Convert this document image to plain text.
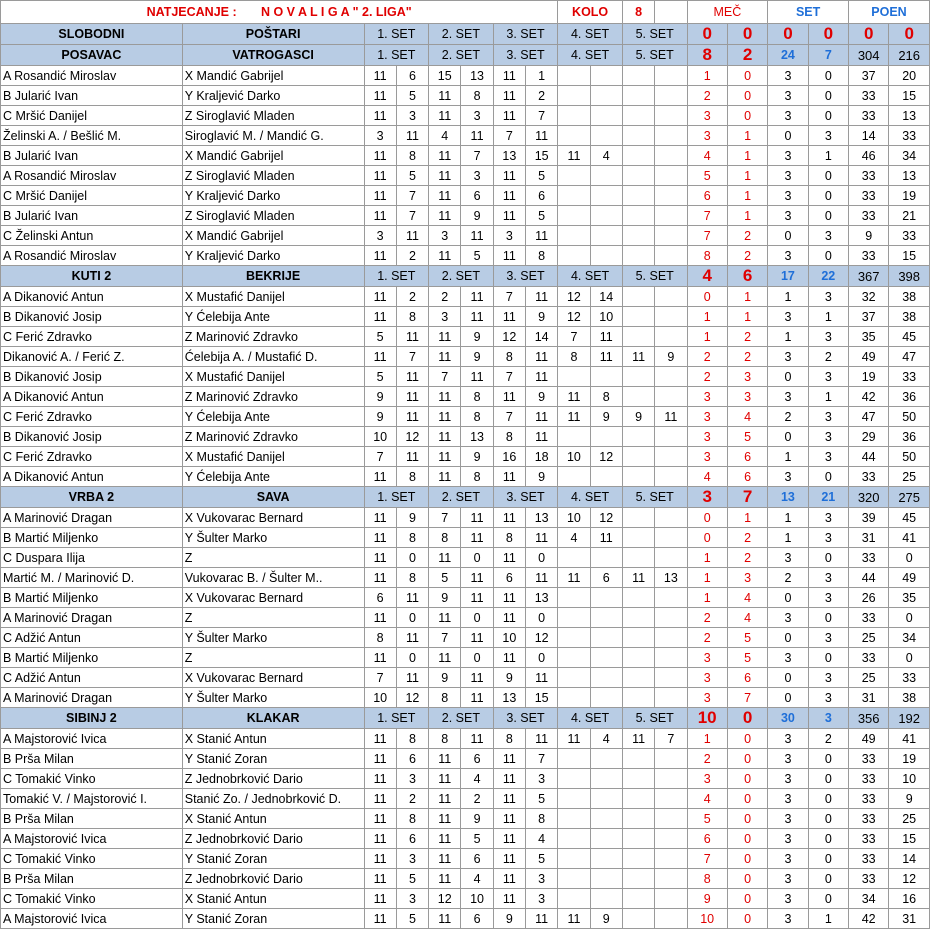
NATJECANJE : N O V A L I G A " 2. LIGA"								KOLO		8		MEČ		SET		POEN	
SLOBODNI	POŠTARI	1. SET		2. SET		3. SET		4. SET		5. SET		0	0	0	0	0	0
POSAVAC	VATROGASCI	1. SET		2. SET		3. SET		4. SET		5. SET		8	2	24	7	304	216
A Rosandić Miroslav	X Mandić Gabrijel	11	6	15	13	11	1					1	0	3	0	37	20
B Jularić Ivan	Y Kraljević Darko	11	5	11	8	11	2					2	0	3	0	33	15
C Mršić Danijel	Z Siroglavić Mladen	11	3	11	3	11	7					3	0	3	0	33	13
Želinski A. / Bešlić M.	Siroglavić M. / Mandić G.	3	11	4	11	7	11					3	1	0	3	14	33
B Jularić Ivan	X Mandić Gabrijel	11	8	11	7	13	15	11	4			4	1	3	1	46	34
A Rosandić Miroslav	Z Siroglavić Mladen	11	5	11	3	11	5					5	1	3	0	33	13
C Mršić Danijel	Y Kraljević Darko	11	7	11	6	11	6					6	1	3	0	33	19
B Jularić Ivan	Z Siroglavić Mladen	11	7	11	9	11	5					7	1	3	0	33	21
C Želinski Antun	X Mandić Gabrijel	3	11	3	11	3	11					7	2	0	3	9	33
A Rosandić Miroslav	Y Kraljević Darko	11	2	11	5	11	8					8	2	3	0	33	15
KUTI 2	BEKRIJE	1. SET		2. SET		3. SET		4. SET		5. SET		4	6	17	22	367	398
A Dikanović Antun	X Mustafić Danijel	11	2	2	11	7	11	12	14			0	1	1	3	32	38
B Dikanović Josip	Y Ćelebija Ante	11	8	3	11	11	9	12	10			1	1	3	1	37	38
C Ferić Zdravko	Z Marinović Zdravko	5	11	11	9	12	14	7	11			1	2	1	3	35	45
Dikanović A. / Ferić Z.	Ćelebija A. / Mustafić D.	11	7	11	9	8	11	8	11	11	9	2	2	3	2	49	47
B Dikanović Josip	X Mustafić Danijel	5	11	7	11	7	11					2	3	0	3	19	33
A Dikanović Antun	Z Marinović Zdravko	9	11	11	8	11	9	11	8			3	3	3	1	42	36
C Ferić Zdravko	Y Ćelebija Ante	9	11	11	8	7	11	11	9	9	11	3	4	2	3	47	50
B Dikanović Josip	Z Marinović Zdravko	10	12	11	13	8	11					3	5	0	3	29	36
C Ferić Zdravko	X Mustafić Danijel	7	11	11	9	16	18	10	12			3	6	1	3	44	50
A Dikanović Antun	Y Ćelebija Ante	11	8	11	8	11	9					4	6	3	0	33	25
VRBA 2	SAVA	1. SET		2. SET		3. SET		4. SET		5. SET		3	7	13	21	320	275
A Marinović Dragan	X Vukovarac Bernard	11	9	7	11	11	13	10	12			0	1	1	3	39	45
B Martić Miljenko	Y Šulter Marko	11	8	8	11	8	11	4	11			0	2	1	3	31	41
C Duspara Ilija	Z	11	0	11	0	11	0					1	2	3	0	33	0
Martić M. / Marinović D.	Vukovarac B. / Šulter M..	11	8	5	11	6	11	11	6	11	13	1	3	2	3	44	49
B Martić Miljenko	X Vukovarac Bernard	6	11	9	11	11	13					1	4	0	3	26	35
A Marinović Dragan	Z	11	0	11	0	11	0					2	4	3	0	33	0
C Adžić Antun	Y Šulter Marko	8	11	7	11	10	12					2	5	0	3	25	34
B Martić Miljenko	Z	11	0	11	0	11	0					3	5	3	0	33	0
C Adžić Antun	X Vukovarac Bernard	7	11	9	11	9	11					3	6	0	3	25	33
A Marinović Dragan	Y Šulter Marko	10	12	8	11	13	15					3	7	0	3	31	38
SIBINJ 2	KLAKAR	1. SET		2. SET		3. SET		4. SET		5. SET		10	0	30	3	356	192
A Majstorović Ivica	X Stanić Antun	11	8	8	11	8	11	11	4	11	7	1	0	3	2	49	41
B Prša Milan	Y Stanić Zoran	11	6	11	6	11	7					2	0	3	0	33	19
C Tomakić Vinko	Z Jednobrković Dario	11	3	11	4	11	3					3	0	3	0	33	10
Tomakić V. / Majstorović I.	Stanić Zo. / Jednobrković D.	11	2	11	2	11	5					4	0	3	0	33	9
B Prša Milan	X Stanić Antun	11	8	11	9	11	8					5	0	3	0	33	25
A Majstorović Ivica	Z Jednobrković Dario	11	6	11	5	11	4					6	0	3	0	33	15
C Tomakić Vinko	Y Stanić Zoran	11	3	11	6	11	5					7	0	3	0	33	14
B Prša Milan	Z Jednobrković Dario	11	5	11	4	11	3					8	0	3	0	33	12
C Tomakić Vinko	X Stanić Antun	11	3	12	10	11	3					9	0	3	0	34	16
A Majstorović Ivica	Y Stanić Zoran	11	5	11	6	9	11	11	9			10	0	3	1	42	31
